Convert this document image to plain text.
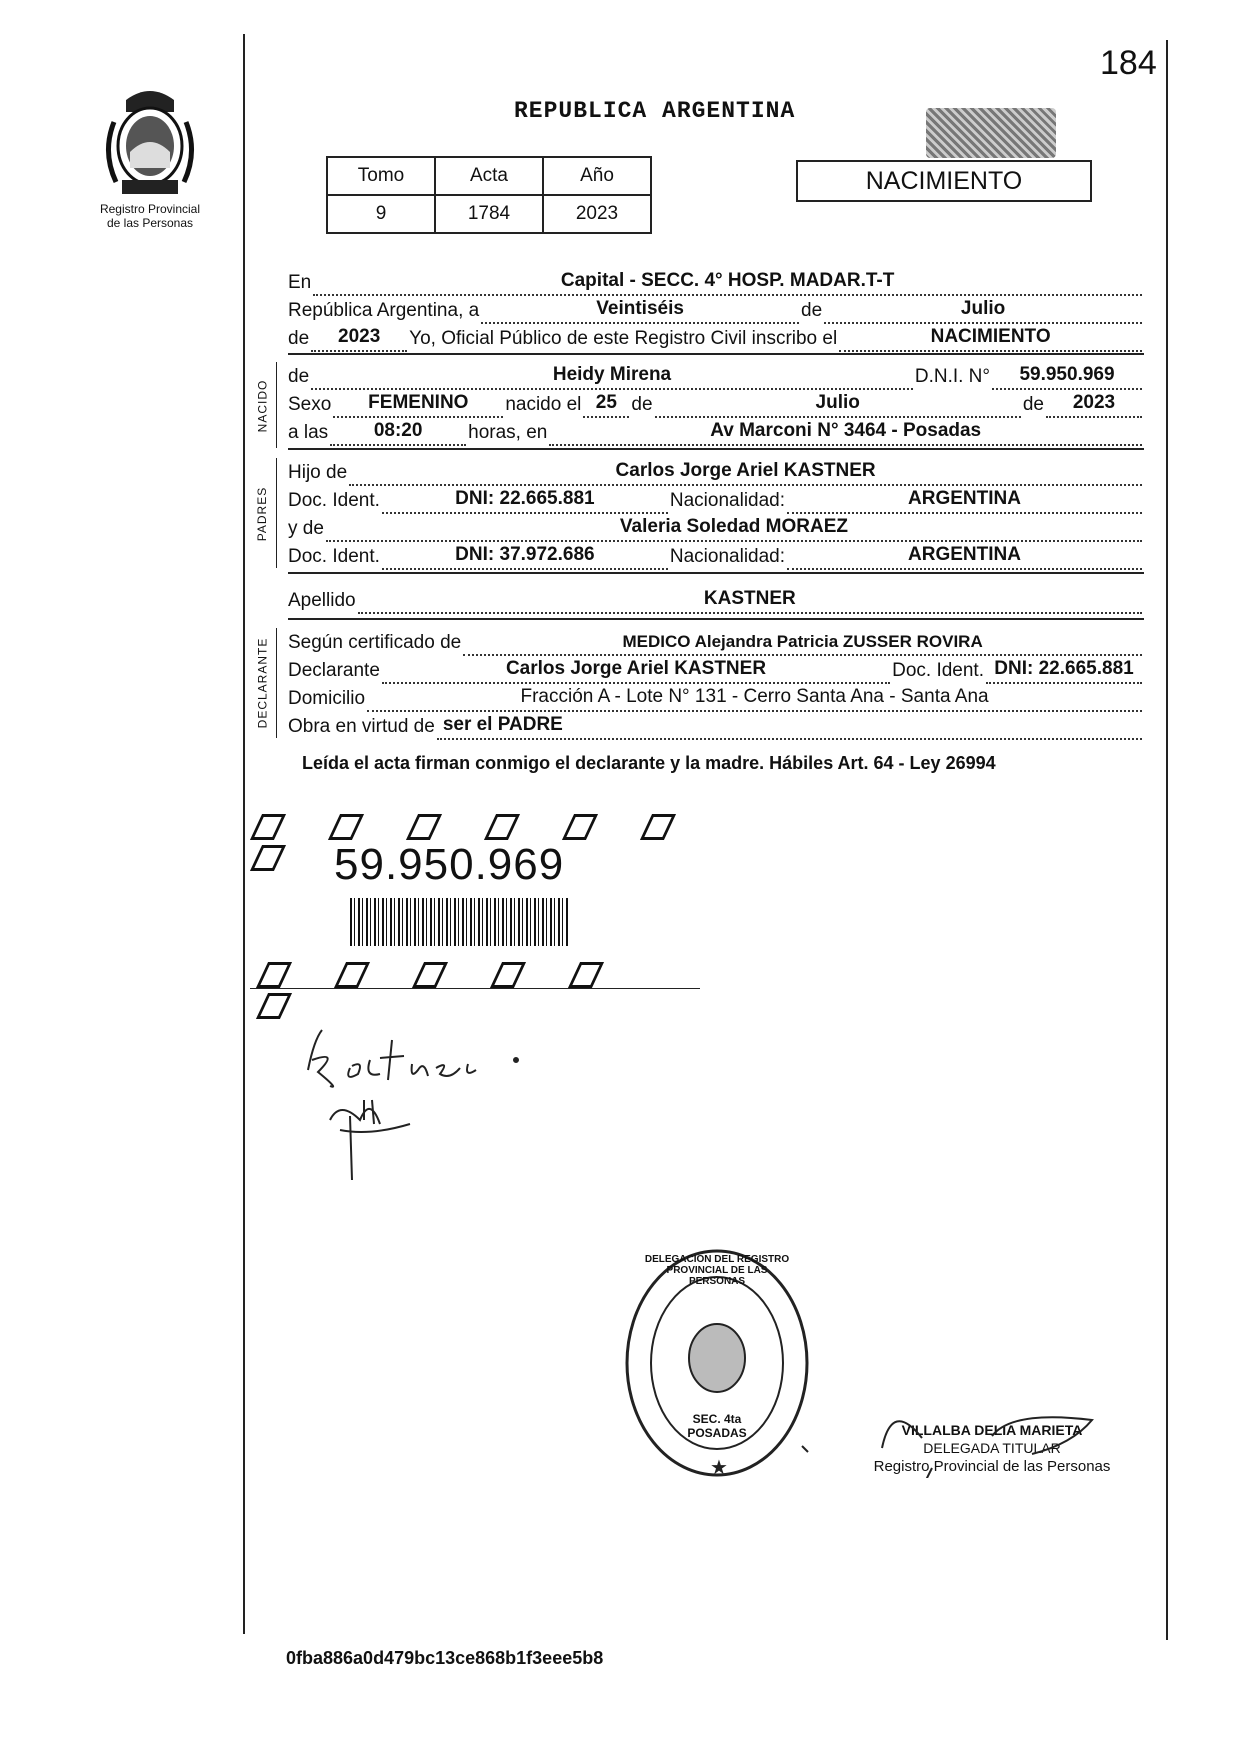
184
Registro Provincial
de las Personas
REPUBLICA ARGENTINA
NACIMIENTO
Tomo	Acta	Año
9	1784	2023
En	Capital - SECC. 4° HOSP. MADAR.T-T
República Argentina, a	Veintiséis	de	Julio
de	2023	Yo, Oficial Público de este Registro Civil inscribo el	NACIMIENTO
NACIDO
de	Heidy Mirena	D.N.I. N°	59.950.969
Sexo	FEMENINO	nacido el 25 de	Julio	de	2023
a las	08:20	horas, en	Av Marconi N° 3464 - Posadas
PADRES
Hijo de	Carlos Jorge Ariel KASTNER
Doc. Ident.	DNI: 22.665.881	Nacionalidad:	ARGENTINA
y de	Valeria Soledad MORAEZ
Doc. Ident.	DNI: 37.972.686	Nacionalidad:	ARGENTINA
Apellido	KASTNER
DECLARANTE Según certificado de	MEDICO Alejandra Patricia ZUSSER ROVIRA
Declarante	Carlos Jorge Ariel KASTNER	Doc. Ident. DNI: 22.665.881
Domicilio	Fracción A - Lote N° 131 - Cerro Santa Ana - Santa Ana
Obra en virtud de ser el PADRE
Leída el acta firman conmigo el declarante y la madre. Hábiles Art. 64 - Ley 26994
59.950.969
★
DELEGACION DEL REGISTRO PROVINCIAL DE LAS PERSONAS
SEC. 4ta POSADAS	VILLALBA DELIA MARIETA
DELEGADA TITULAR
Registro Provincial de las Personas
0fba886a0d479bc13ce868b1f3eee5b8
